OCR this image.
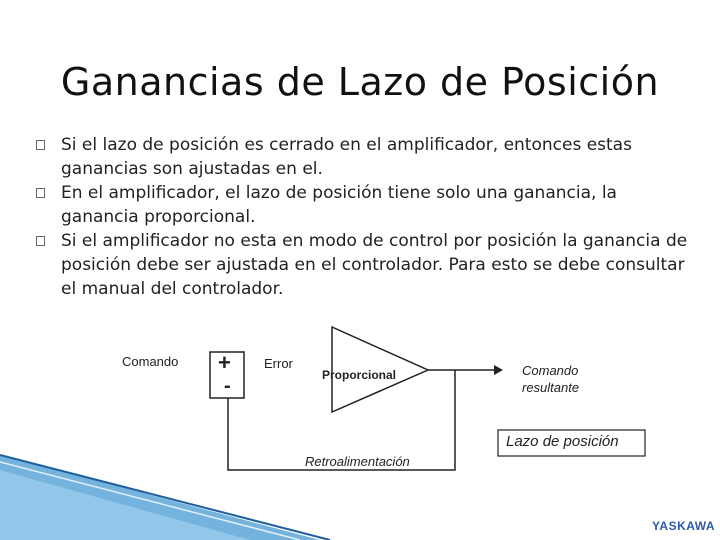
Ganancias de Lazo de Posición
Si el lazo de posición es cerrado en el amplificador, entonces estas ganancias son ajustadas en el.
En el amplificador, el lazo de posición tiene solo una ganancia, la ganancia proporcional.
Si el amplificador no esta en modo de control por posición la ganancia de posición debe ser ajustada en el controlador. Para esto se debe consultar el manual del controlador.
Comando +
-
Error
Proporcional	Comando
resultante
Retroalimentación
Lazo de posición
YASKAWA
